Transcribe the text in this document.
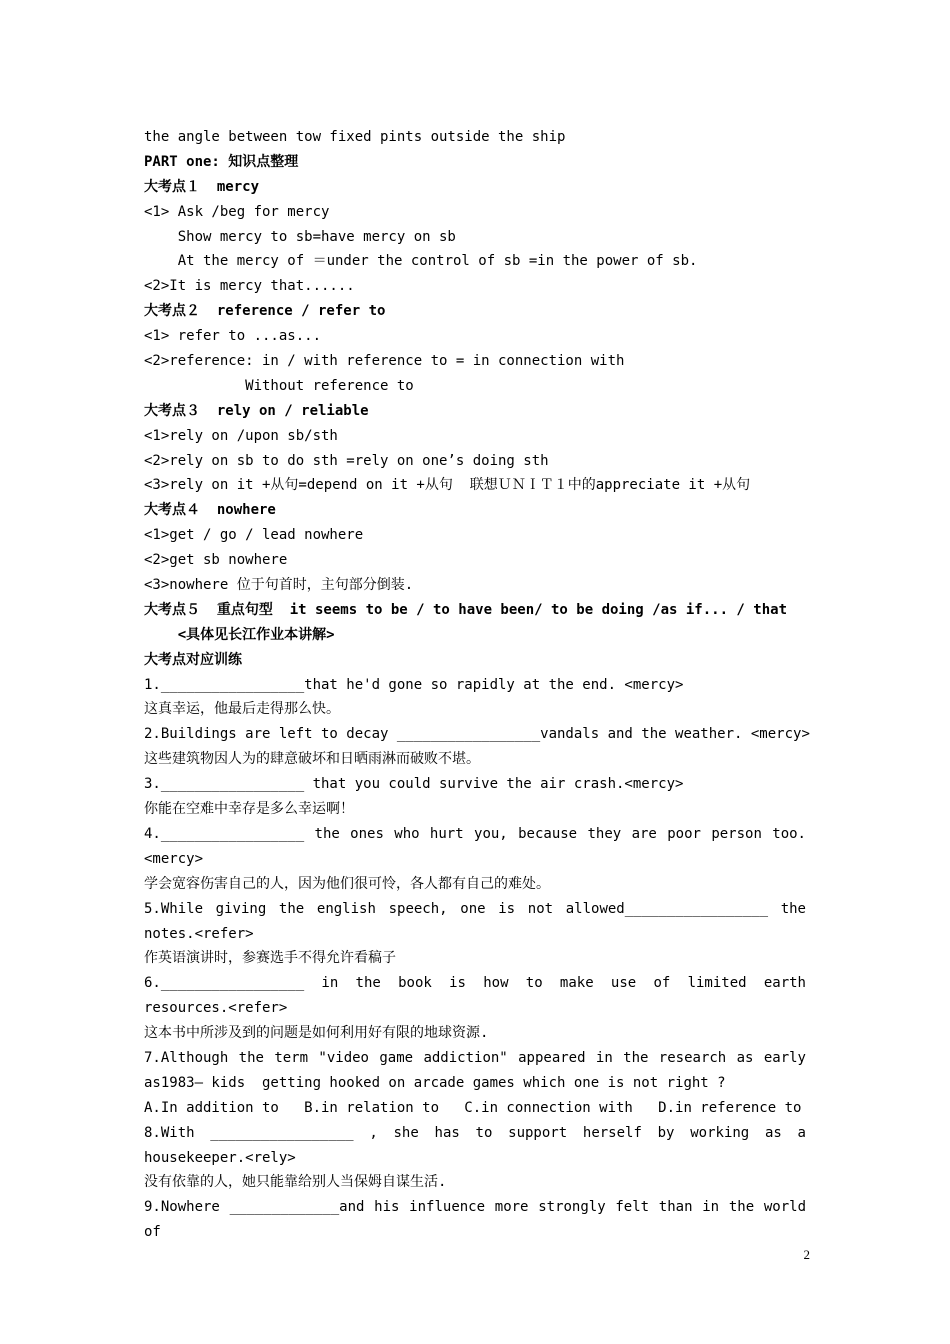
the angle between tow fixed pints outside the ship
PART one: 知识点整理
大考点１  mercy
<1> Ask /beg for mercy
Show mercy to sb=have mercy on sb
At the mercy of ＝under the control of sb =in the power of sb.
<2>It is mercy that......
大考点２  reference / refer to
<1> refer to ...as...
<2>reference: in / with reference to = in connection with
Without reference to
大考点３  rely on / reliable
<1>rely on /upon sb/sth
<2>rely on sb to do sth =rely on one’s doing sth
<3>rely on it +从句=depend on it +从句  联想ＵＮＩＴ１中的appreciate it +从句
大考点４  nowhere
<1>get / go / lead nowhere
<2>get sb nowhere
<3>nowhere 位于句首时，主句部分倒装.
大考点５  重点句型  it seems to be / to have been/ to be doing /as if... / that
<具体见长江作业本讲解>
大考点对应训练
1._________________that he'd gone so rapidly at the end. <mercy>
这真幸运，他最后走得那么快。
2.Buildings are left to decay _________________vandals and the weather. <mercy>
这些建筑物因人为的肆意破坏和日晒雨淋而破败不堪。
3._________________ that you could survive the air crash.<mercy>
你能在空难中幸存是多么幸运啊！
4._________________ the ones who hurt you, because they are poor person too.
<mercy>
学会宽容伤害自己的人，因为他们很可怜，各人都有自己的难处。
5.While giving the english speech, one is not allowed_________________ the
notes.<refer>
作英语演讲时，参赛选手不得允许看稿子
6._________________ in the book is how to make use of limited earth
resources.<refer>
这本书中所涉及到的问题是如何利用好有限的地球资源.
7.Although the term "video game addiction" appeared in the research as early
as1983— kids  getting hooked on arcade games which one is not right ?
A.In addition to   B.in relation to   C.in connection with   D.in reference to
8.With _________________ , she has to support herself by working as a
housekeeper.<rely>
没有依靠的人，她只能靠给别人当保姆自谋生活.
9.Nowhere _____________and his influence more strongly felt than in the world of
2
